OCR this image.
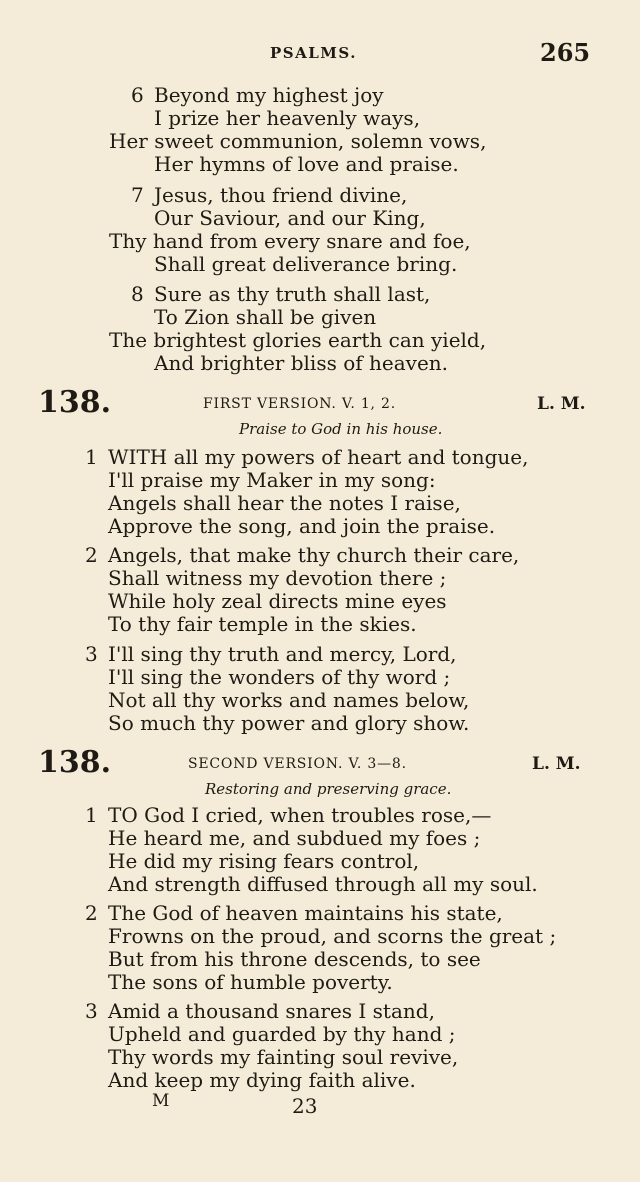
PSALMS.	265
6 Beyond my highest joy
I prize her heavenly ways,
Her sweet communion, solemn vows,
Her hymns of love and praise.
7 Jesus, thou friend divine,
Our Saviour, and our King,
Thy hand from every snare and foe,
Shall great deliverance bring.
8 Sure as thy truth shall last,
To Zion shall be given
The brightest glories earth can yield,
And brighter bliss of heaven.
138.	FIRST VERSION. V. 1, 2.	L. M.
Praise to God in his house.
1 WITH all my powers of heart and tongue,
I'll praise my Maker in my song:
Angels shall hear the notes I raise,
Approve the song, and join the praise.
2 Angels, that make thy church their care,
Shall witness my devotion there ;
While holy zeal directs mine eyes
To thy fair temple in the skies.
3 I'll sing thy truth and mercy, Lord,
I'll sing the wonders of thy word ;
Not all thy works and names below,
So much thy power and glory show.
138.	SECOND VERSION. V. 3—8.	L. M.
Restoring and preserving grace.
1 TO God I cried, when troubles rose,—
He heard me, and subdued my foes ;
He did my rising fears control,
And strength diffused through all my soul.
2 The God of heaven maintains his state,
Frowns on the proud, and scorns the great ;
But from his throne descends, to see
The sons of humble poverty.
3 Amid a thousand snares I stand,
Upheld and guarded by thy hand ;
Thy words my fainting soul revive,
And keep my dying faith alive.
M	23
